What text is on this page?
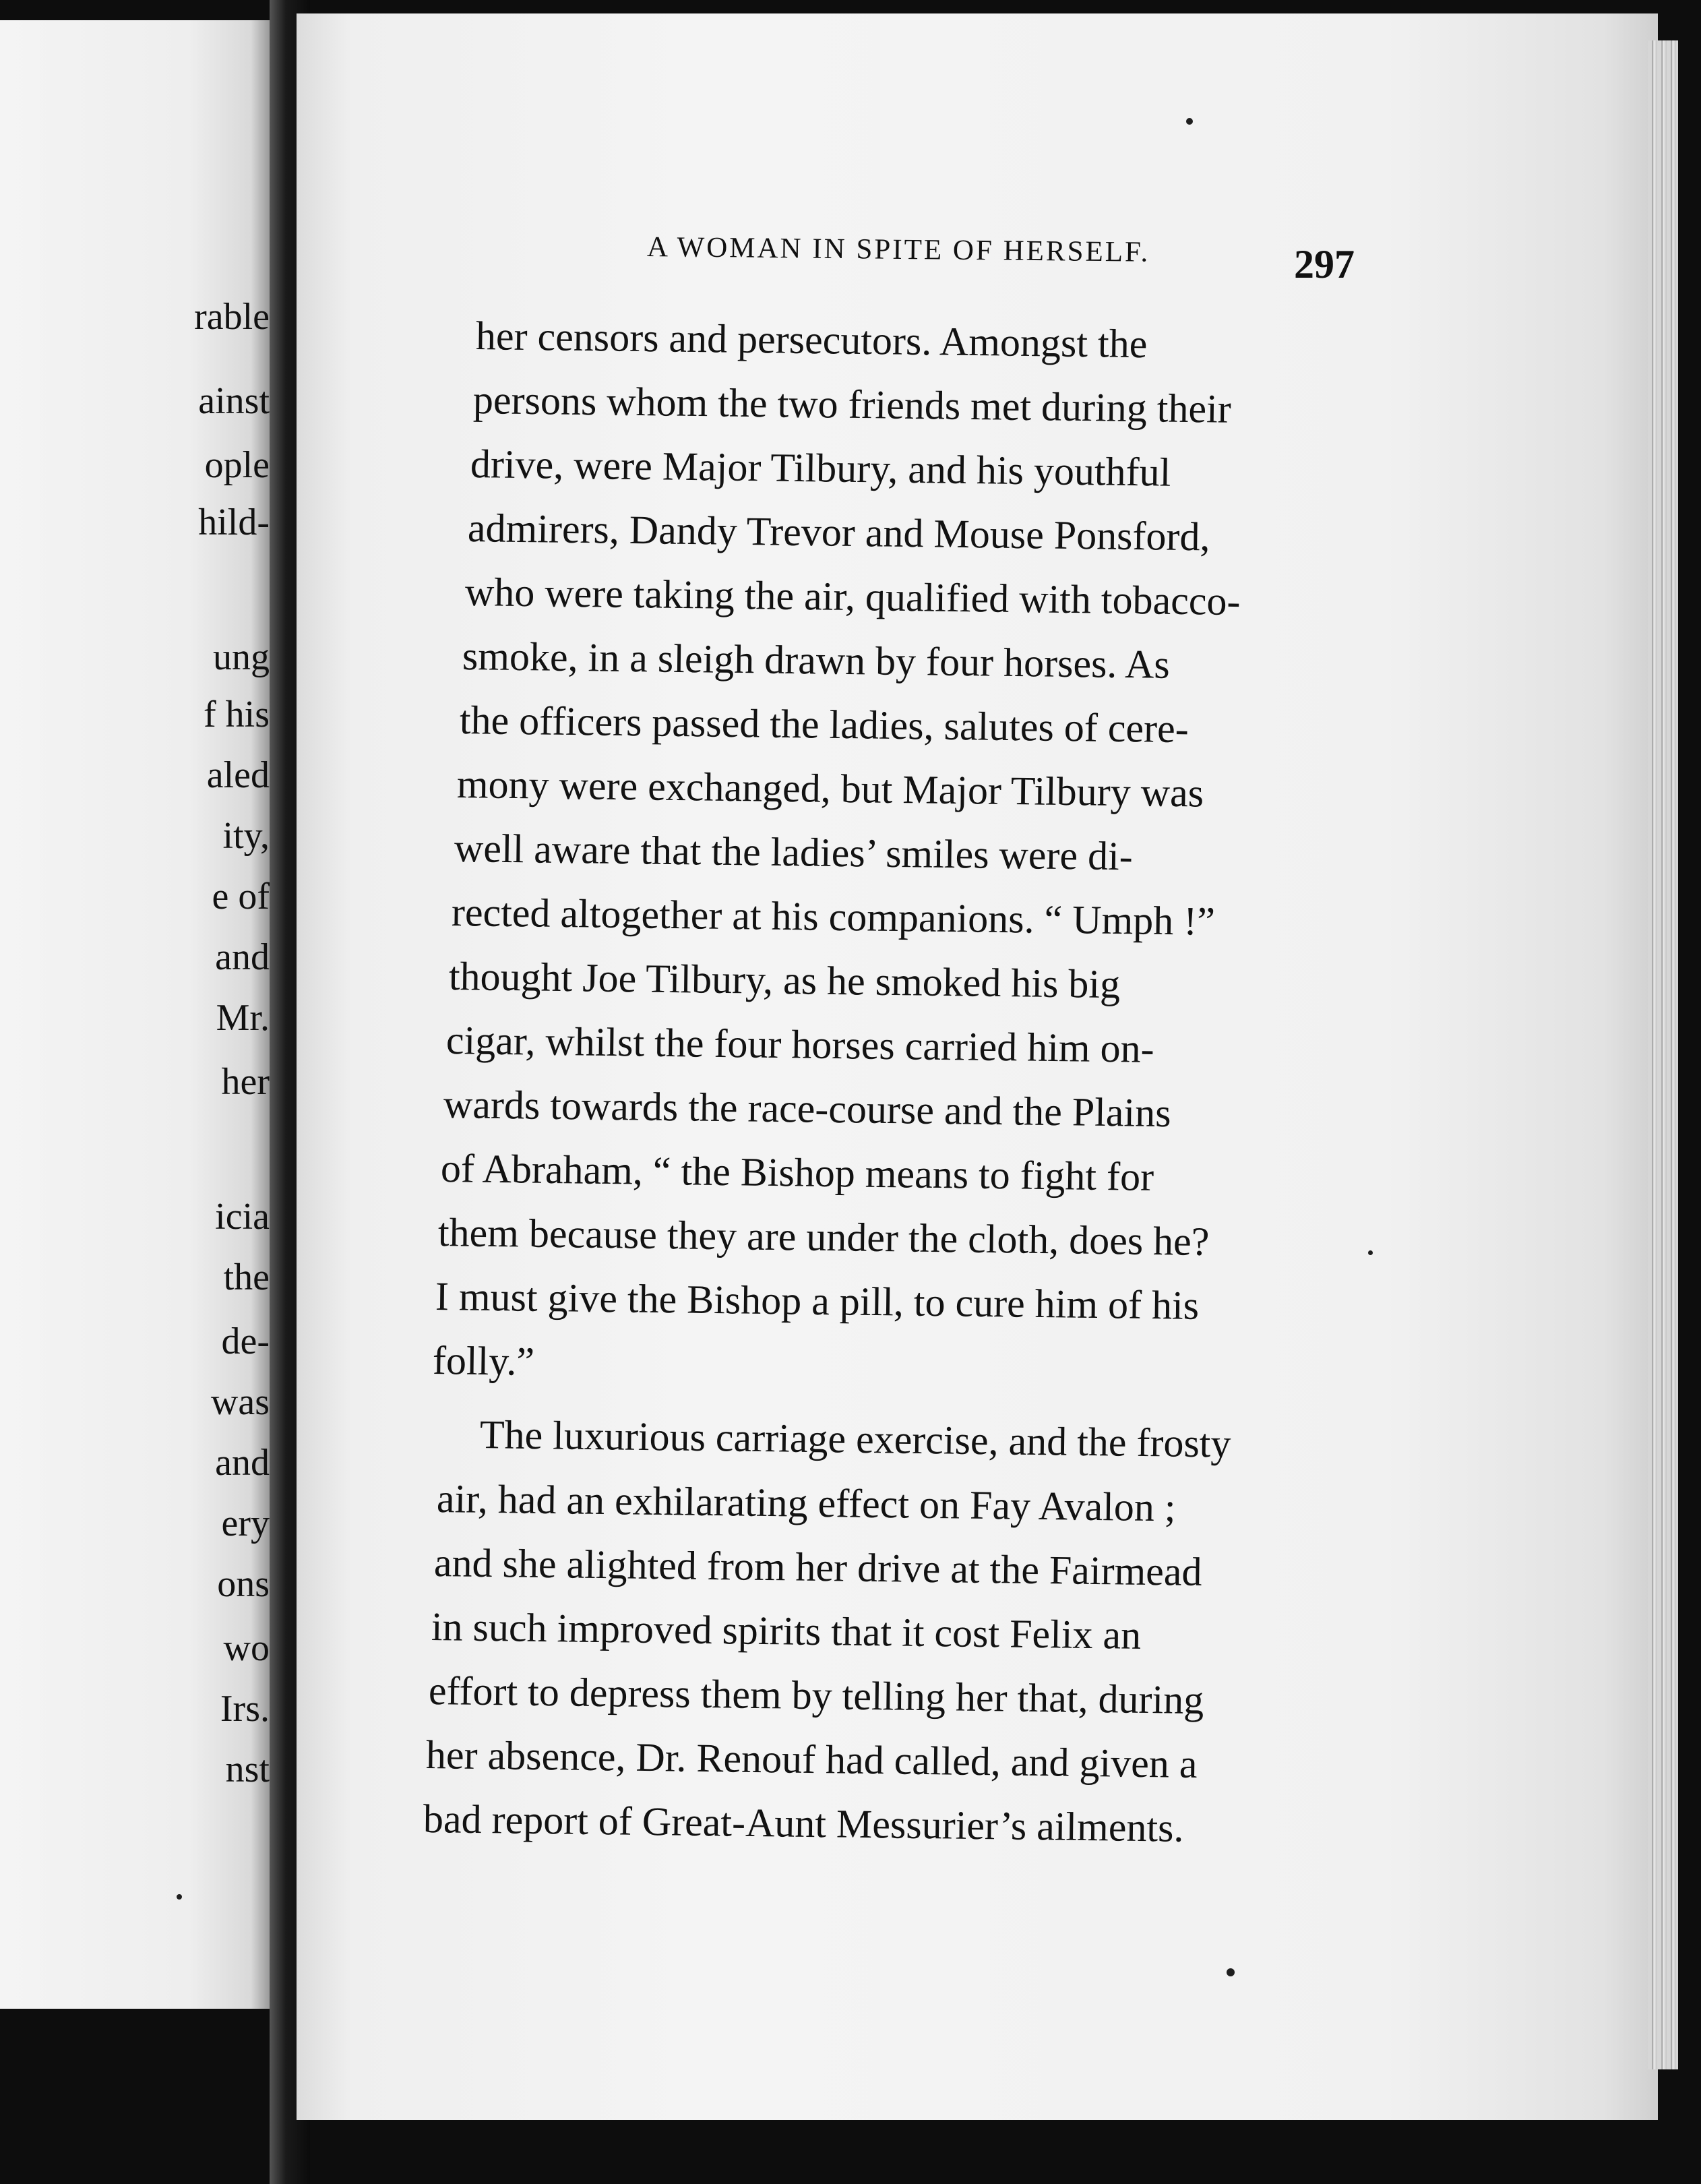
rable
ainst
ople
hild-
ung
f his
aled
ity,
e of
and
Mr.
her
icia
the
de-
was
and
ery
ons
wo
Irs.
nst
A WOMAN IN SPITE OF HERSELF.	297
her censors and persecutors. Amongst the
persons whom the two friends met during their
drive, were Major Tilbury, and his youthful
admirers, Dandy Trevor and Mouse Ponsford,
who were taking the air, qualified with tobacco-
smoke, in a sleigh drawn by four horses. As
the officers passed the ladies, salutes of cere-
mony were exchanged, but Major Tilbury was
well aware that the ladies’ smiles were di-
rected altogether at his companions. “ Umph !”
thought Joe Tilbury, as he smoked his big
cigar, whilst the four horses carried him on-
wards towards the race-course and the Plains
of Abraham, “ the Bishop means to fight for
them because they are under the cloth, does he?
I must give the Bishop a pill, to cure him of his
folly.”
The luxurious carriage exercise, and the frosty
air, had an exhilarating effect on Fay Avalon ;
and she alighted from her drive at the Fairmead
in such improved spirits that it cost Felix an
effort to depress them by telling her that, during
her absence, Dr. Renouf had called, and given a
bad report of Great-Aunt Messurier’s ailments.
